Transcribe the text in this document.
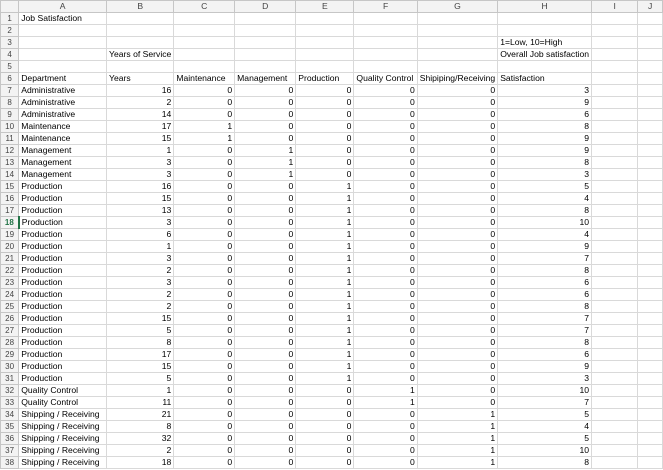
	A	B	C	D	E	F	G	H	I	J
1	Job Satisfaction									
2										
3								1=Low, 10=High		
4		Years of Service						Overall Job satisfaction		
5										
6	Department	Years	Maintenance	Management	Production	Quality Control	Shipiping/Receiving	Satisfaction		
7	Administrative	16	0	0	0	0	0	3		
8	Administrative	2	0	0	0	0	0	9		
9	Administrative	14	0	0	0	0	0	6		
10	Maintenance	17	1	0	0	0	0	8		
11	Maintenance	15	1	0	0	0	0	9		
12	Management	1	0	1	0	0	0	9		
13	Management	3	0	1	0	0	0	8		
14	Management	3	0	1	0	0	0	3		
15	Production	16	0	0	1	0	0	5		
16	Production	15	0	0	1	0	0	4		
17	Production	13	0	0	1	0	0	8		
18	Production	3	0	0	1	0	0	10		
19	Production	6	0	0	1	0	0	4		
20	Production	1	0	0	1	0	0	9		
21	Production	3	0	0	1	0	0	7		
22	Production	2	0	0	1	0	0	8		
23	Production	3	0	0	1	0	0	6		
24	Production	2	0	0	1	0	0	6		
25	Production	2	0	0	1	0	0	8		
26	Production	15	0	0	1	0	0	7		
27	Production	5	0	0	1	0	0	7		
28	Production	8	0	0	1	0	0	8		
29	Production	17	0	0	1	0	0	6		
30	Production	15	0	0	1	0	0	9		
31	Production	5	0	0	1	0	0	3		
32	Quality Control	1	0	0	0	1	0	10		
33	Quality Control	11	0	0	0	1	0	7		
34	Shipping / Receiving	21	0	0	0	0	1	5		
35	Shipping / Receiving	8	0	0	0	0	1	4		
36	Shipping / Receiving	32	0	0	0	0	1	5		
37	Shipping / Receiving	2	0	0	0	0	1	10		
38	Shipping / Receiving	18	0	0	0	0	1	8		
